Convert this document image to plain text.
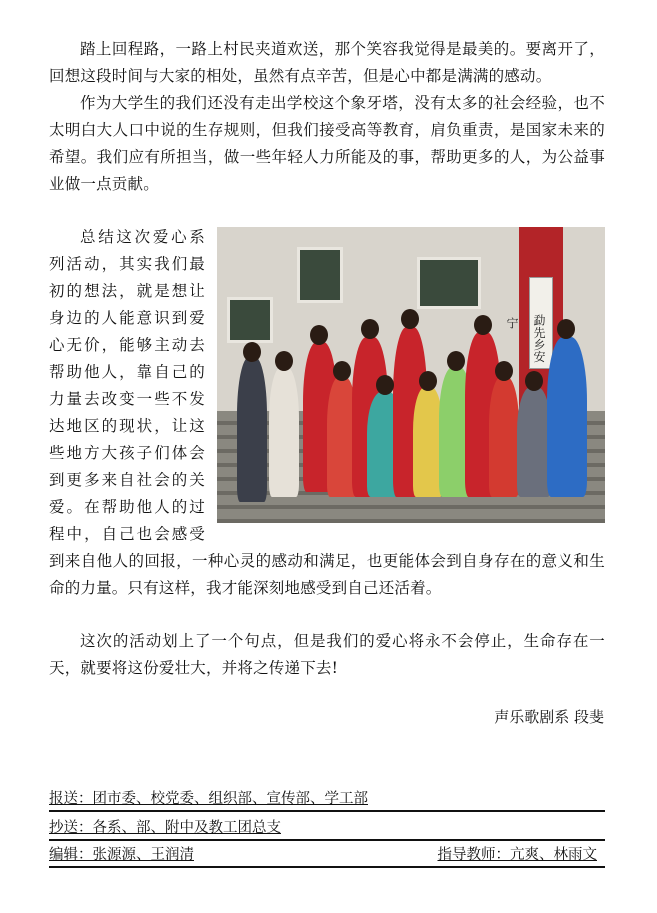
踏上回程路，一路上村民夹道欢送，那个笑容我觉得是最美的。要离开了，回想这段时间与大家的相处，虽然有点辛苦，但是心中都是满满的感动。

作为大学生的我们还没有走出学校这个象牙塔，没有太多的社会经验，也不太明白大人口中说的生存规则，但我们接受高等教育，肩负重责，是国家未来的希望。我们应有所担当，做一些年轻人力所能及的事，帮助更多的人，为公益事业做一点贡献。

勐先乡安宁
总结这次爱心系列活动，其实我们最初的想法，就是想让身边的人能意识到爱心无价，能够主动去帮助他人，靠自己的力量去改变一些不发达地区的现状，让这些地方大孩子们体会到更多来自社会的关爱。在帮助他人的过程中，自己也会感受到来自他人的回报，一种心灵的感动和满足，也更能体会到自身存在的意义和生命的力量。只有这样，我才能深刻地感受到自己还活着。

这次的活动划上了一个句点，但是我们的爱心将永不会停止，生命存在一天，就要将这份爱壮大，并将之传递下去!

声乐歌剧系 段斐
报送：团市委、校党委、组织部、宣传部、学工部
抄送：各系、部、附中及教工团总支
编辑：张源源、王润清	指导教师：亢爽、林雨文
